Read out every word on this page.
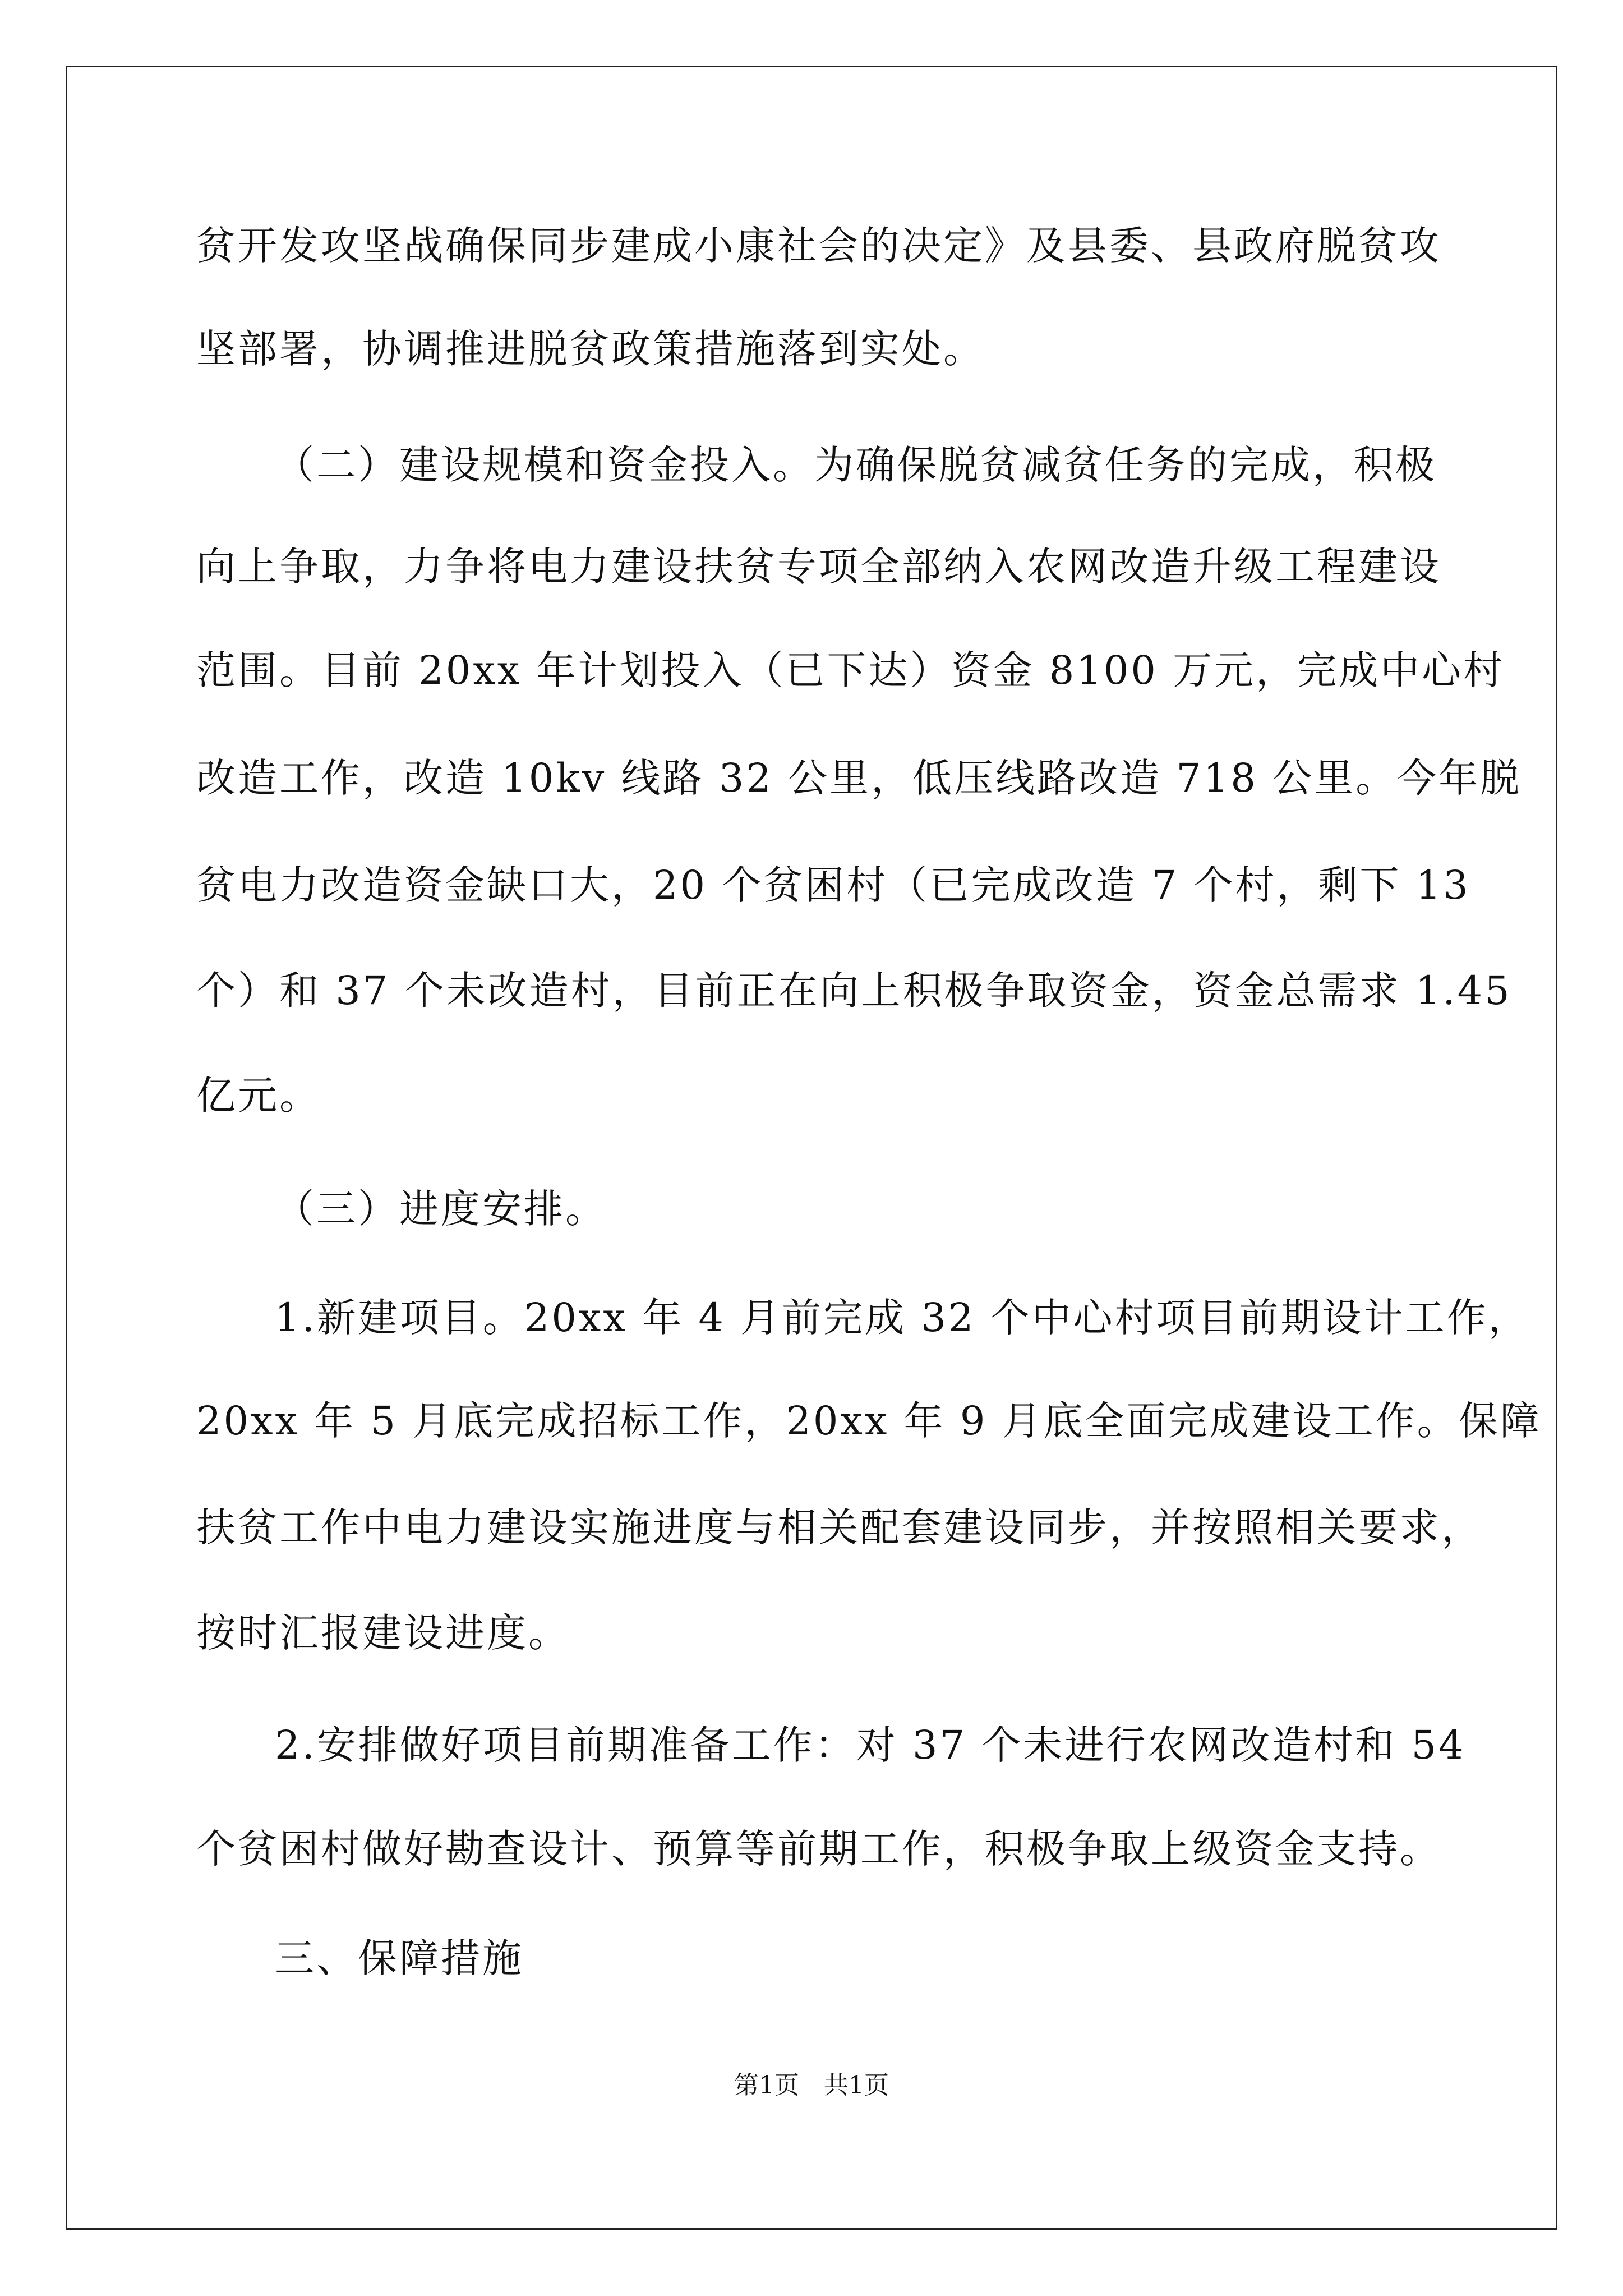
贫开发攻坚战确保同步建成小康社会的决定》及县委、县政府脱贫攻
坚部署，协调推进脱贫政策措施落到实处。
（二）建设规模和资金投入。为确保脱贫减贫任务的完成，积极
向上争取，力争将电力建设扶贫专项全部纳入农网改造升级工程建设
范围。目前 20xx 年计划投入（已下达）资金 8100 万元，完成中心村
改造工作，改造 10kv 线路 32 公里，低压线路改造 718 公里。今年脱
贫电力改造资金缺口大，20 个贫困村（已完成改造 7 个村，剩下 13
个）和 37 个未改造村，目前正在向上积极争取资金，资金总需求 1.45
亿元。
（三）进度安排。
1.新建项目。20xx 年 4 月前完成 32 个中心村项目前期设计工作，
20xx 年 5 月底完成招标工作，20xx 年 9 月底全面完成建设工作。保障
扶贫工作中电力建设实施进度与相关配套建设同步，并按照相关要求，
按时汇报建设进度。
2.安排做好项目前期准备工作：对 37 个未进行农网改造村和 54
个贫困村做好勘查设计、预算等前期工作，积极争取上级资金支持。
三、保障措施
第1页　共1页
